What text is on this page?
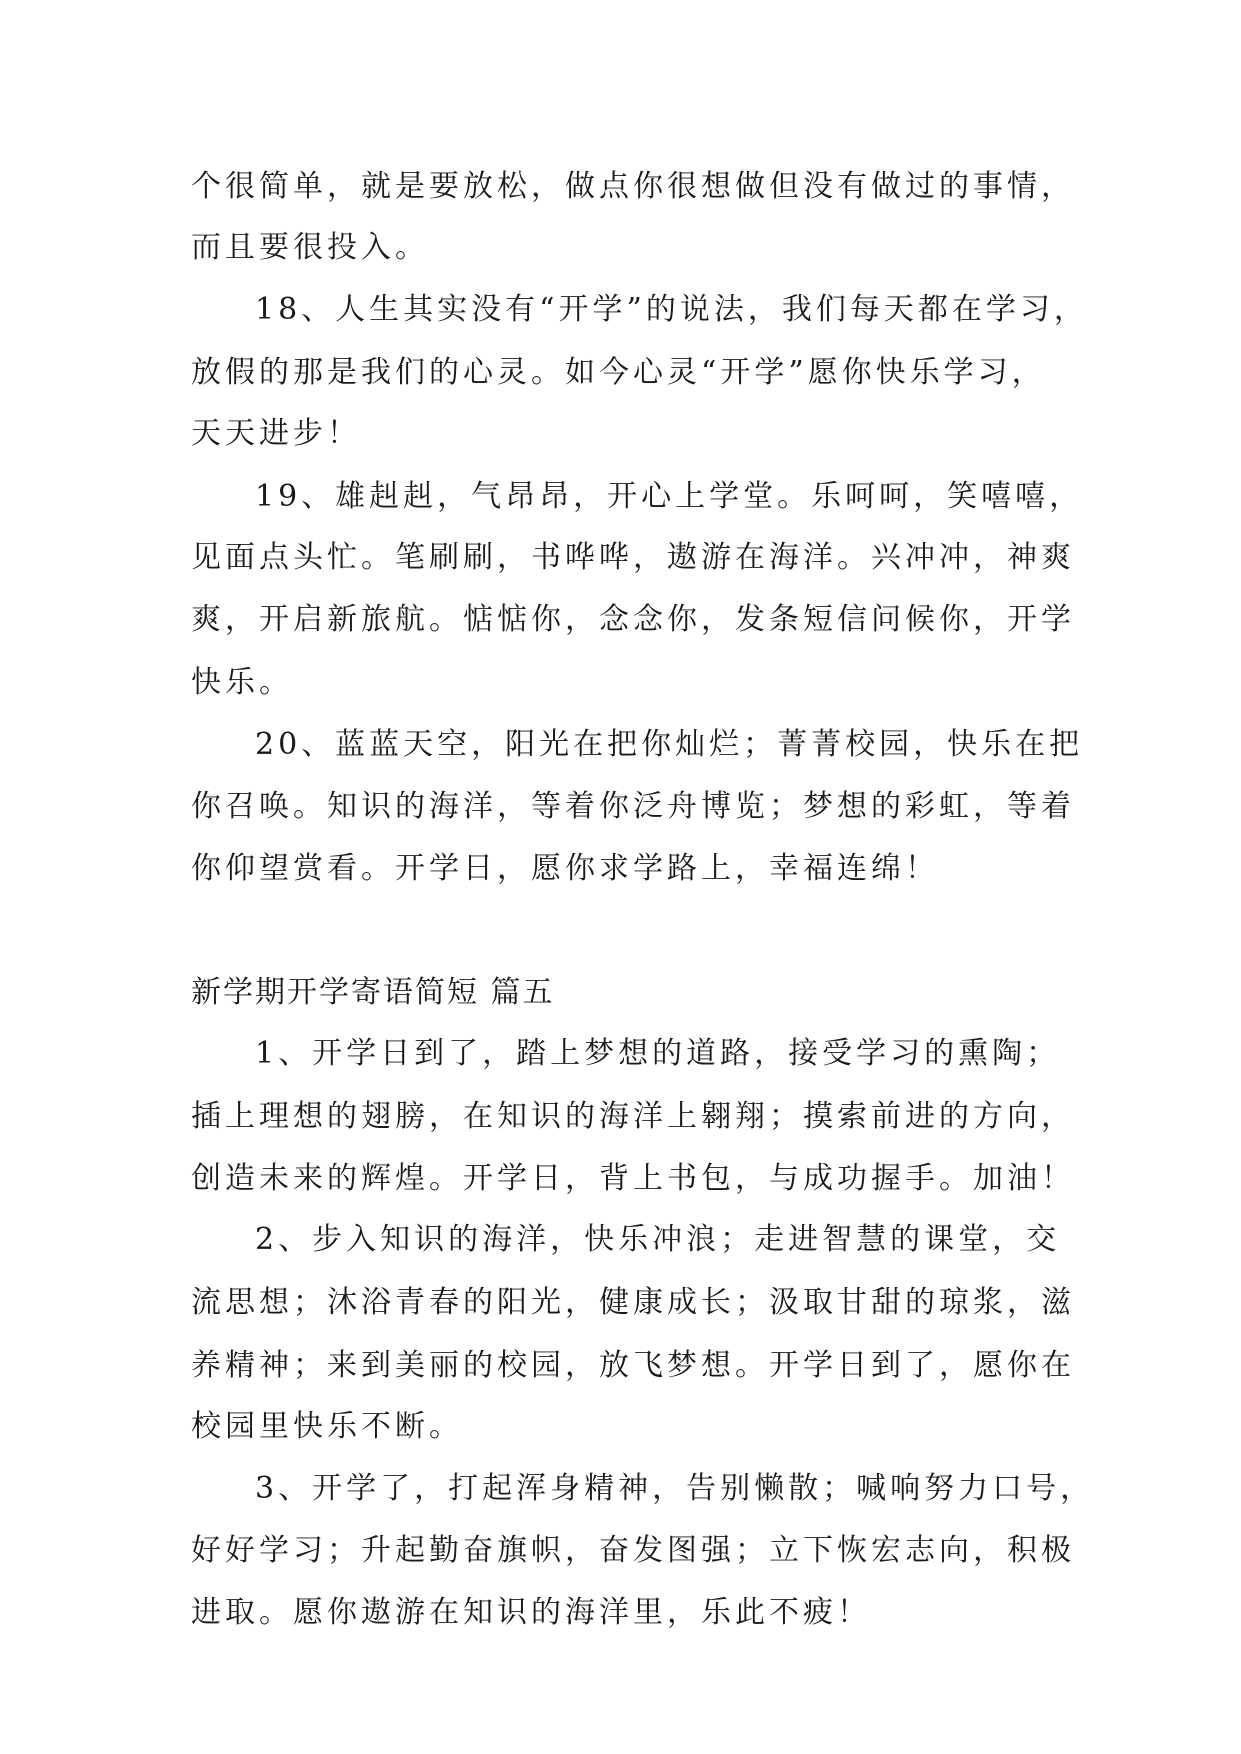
个很简单，就是要放松，做点你很想做但没有做过的事情，
而且要很投入。
18、人生其实没有“开学”的说法，我们每天都在学习，
放假的那是我们的心灵。如今心灵“开学”愿你快乐学习，
天天进步！
19、雄赳赳，气昂昂，开心上学堂。乐呵呵，笑嘻嘻，
见面点头忙。笔刷刷，书哗哗，遨游在海洋。兴冲冲，神爽
爽，开启新旅航。惦惦你，念念你，发条短信问候你，开学
快乐。
20、蓝蓝天空，阳光在把你灿烂；菁菁校园，快乐在把
你召唤。知识的海洋，等着你泛舟博览；梦想的彩虹，等着
你仰望赏看。开学日，愿你求学路上，幸福连绵！
新学期开学寄语简短 篇五
1、开学日到了，踏上梦想的道路，接受学习的熏陶；
插上理想的翅膀，在知识的海洋上翱翔；摸索前进的方向，
创造未来的辉煌。开学日，背上书包，与成功握手。加油！
2、步入知识的海洋，快乐冲浪；走进智慧的课堂，交
流思想；沐浴青春的阳光，健康成长；汲取甘甜的琼浆，滋
养精神；来到美丽的校园，放飞梦想。开学日到了，愿你在
校园里快乐不断。
3、开学了，打起浑身精神，告别懒散；喊响努力口号，
好好学习；升起勤奋旗帜，奋发图强；立下恢宏志向，积极
进取。愿你遨游在知识的海洋里，乐此不疲！
